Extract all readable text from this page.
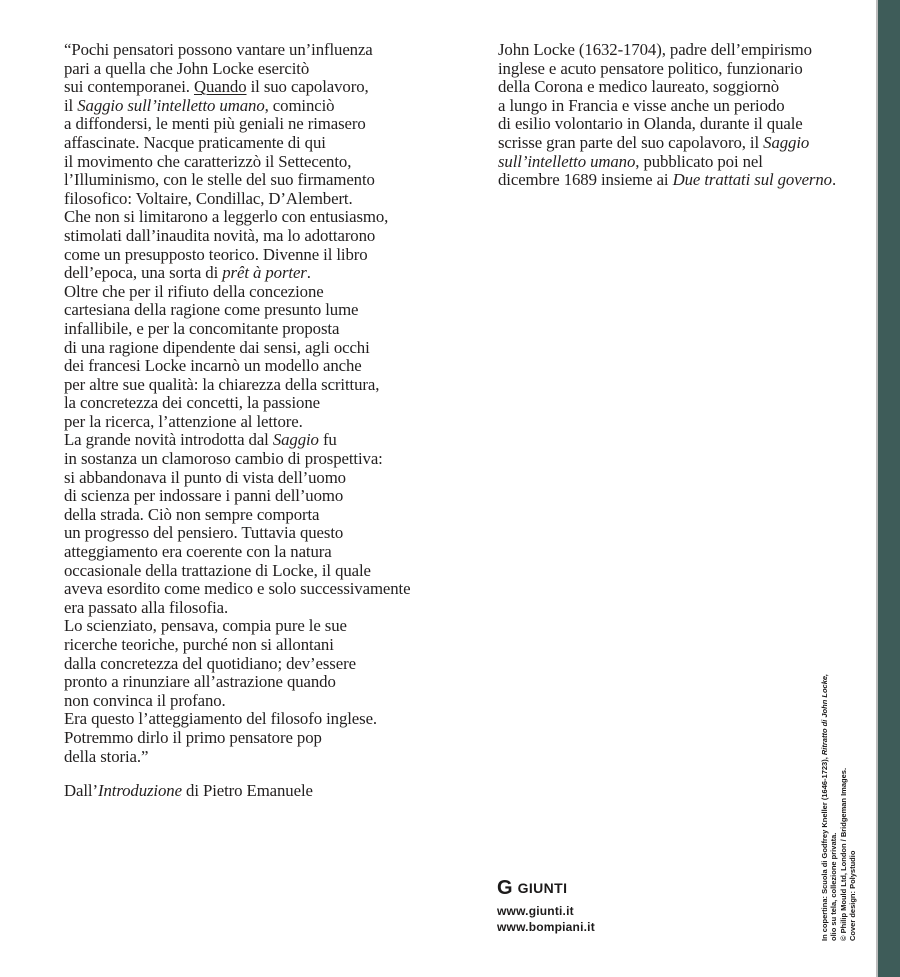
“Pochi pensatori possono vantare un’influenza
pari a quella che John Locke esercitò
sui contemporanei. Quando il suo capolavoro,
il Saggio sull’intelletto umano, cominciò
a diffondersi, le menti più geniali ne rimasero
affascinate. Nacque praticamente di qui
il movimento che caratterizzò il Settecento,
l’Illuminismo, con le stelle del suo firmamento
filosofico: Voltaire, Condillac, D’Alembert.
Che non si limitarono a leggerlo con entusiasmo,
stimolati dall’inaudita novità, ma lo adottarono
come un presupposto teorico. Divenne il libro
dell’epoca, una sorta di prêt à porter.
Oltre che per il rifiuto della concezione
cartesiana della ragione come presunto lume
infallibile, e per la concomitante proposta
di una ragione dipendente dai sensi, agli occhi
dei francesi Locke incarnò un modello anche
per altre sue qualità: la chiarezza della scrittura,
la concretezza dei concetti, la passione
per la ricerca, l’attenzione al lettore.
La grande novità introdotta dal Saggio fu
in sostanza un clamoroso cambio di prospettiva:
si abbandonava il punto di vista dell’uomo
di scienza per indossare i panni dell’uomo
della strada. Ciò non sempre comporta
un progresso del pensiero. Tuttavia questo
atteggiamento era coerente con la natura
occasionale della trattazione di Locke, il quale
aveva esordito come medico e solo successivamente
era passato alla filosofia.
Lo scienziato, pensava, compia pure le sue
ricerche teoriche, purché non si allontani
dalla concretezza del quotidiano; dev’essere
pronto a rinunziare all’astrazione quando
non convinca il profano.
Era questo l’atteggiamento del filosofo inglese.
Potremmo dirlo il primo pensatore pop
della storia.”
Dall’Introduzione di Pietro Emanuele
John Locke (1632-1704), padre dell’empirismo
inglese e acuto pensatore politico, funzionario
della Corona e medico laureato, soggiornò
a lungo in Francia e visse anche un periodo
di esilio volontario in Olanda, durante il quale
scrisse gran parte del suo capolavoro, il Saggio
sull’intelletto umano, pubblicato poi nel
dicembre 1689 insieme ai Due trattati sul governo.
G GIUNTI
www.giunti.it
www.bompiani.it	In copertina: Scuola di Godfrey Kneller (1646-1723), Ritratto di John Locke,
olio su tela, collezione privata. © Philip Mould Ltd, London / Bridgeman Images. Cover design: Polystudio
